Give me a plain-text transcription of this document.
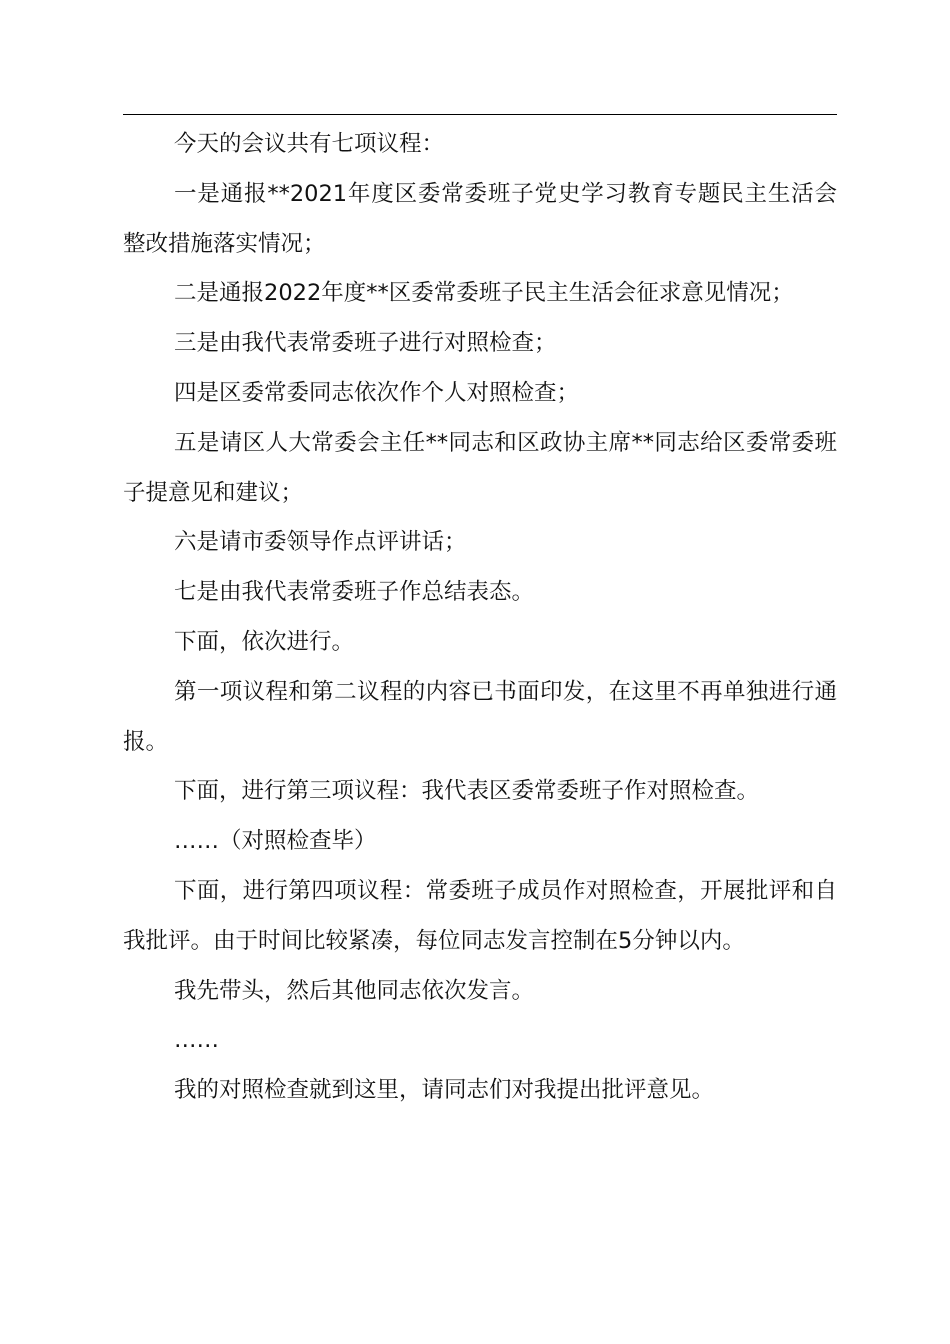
今天的会议共有七项议程：

一是通报**2021年度区委常委班子党史学习教育专题民主生活会整改措施落实情况；

二是通报2022年度**区委常委班子民主生活会征求意见情况；

三是由我代表常委班子进行对照检查；

四是区委常委同志依次作个人对照检查；

五是请区人大常委会主任**同志和区政协主席**同志给区委常委班子提意见和建议；

六是请市委领导作点评讲话；

七是由我代表常委班子作总结表态。

下面，依次进行。

第一项议程和第二议程的内容已书面印发，在这里不再单独进行通报。

下面，进行第三项议程：我代表区委常委班子作对照检查。

……（对照检查毕）

下面，进行第四项议程：常委班子成员作对照检查，开展批评和自我批评。由于时间比较紧凑，每位同志发言控制在5分钟以内。

我先带头，然后其他同志依次发言。

……

我的对照检查就到这里，请同志们对我提出批评意见。
